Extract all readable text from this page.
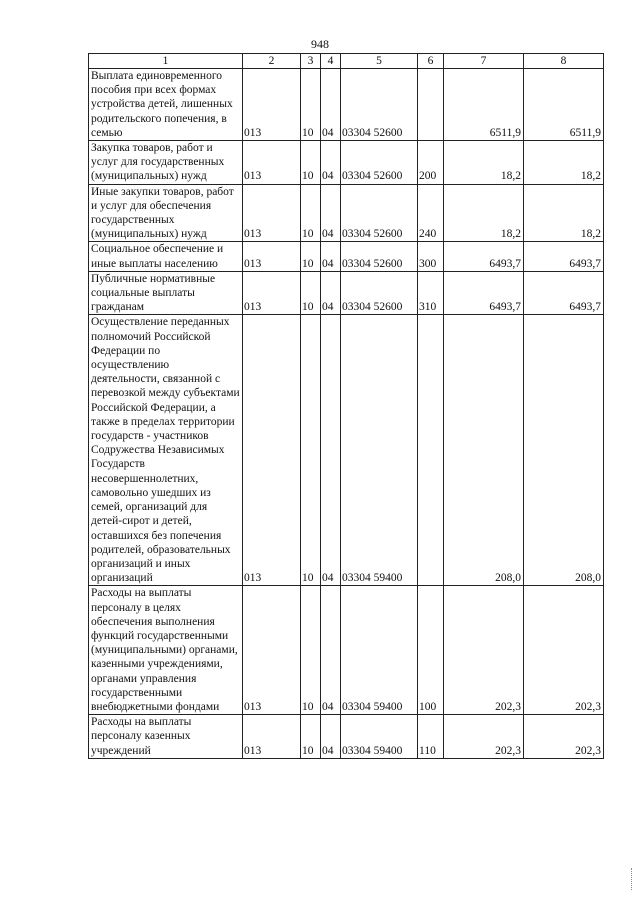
948
1	2	3	4	5	6	7	8
Выплата единовременного пособия при всех формах устройства детей, лишенных родительского попечения, в семью	013	10	04	03304 52600		6511,9	6511,9
Закупка товаров, работ и услуг для государственных (муниципальных) нужд	013	10	04	03304 52600	200	18,2	18,2
Иные закупки товаров, работ и услуг для обеспечения государственных (муниципальных) нужд	013	10	04	03304 52600	240	18,2	18,2
Социальное обеспечение и иные выплаты населению	013	10	04	03304 52600	300	6493,7	6493,7
Публичные нормативные социальные выплаты гражданам	013	10	04	03304 52600	310	6493,7	6493,7
Осуществление переданных полномочий Российской Федерации по осуществлению деятельности, связанной с перевозкой между субъектами Российской Федерации, а также в пределах территории государств - участников Содружества Независимых Государств несовершеннолетних, самовольно ушедших из семей, организаций для детей-сирот и детей, оставшихся без попечения родителей, образовательных организаций и иных организаций	013	10	04	03304 59400		208,0	208,0
Расходы на выплаты персоналу в целях обеспечения выполнения функций государственными (муниципальными) органами, казенными учреждениями, органами управления государственными внебюджетными фондами	013	10	04	03304 59400	100	202,3	202,3
Расходы на выплаты персоналу казенных учреждений	013	10	04	03304 59400	110	202,3	202,3
